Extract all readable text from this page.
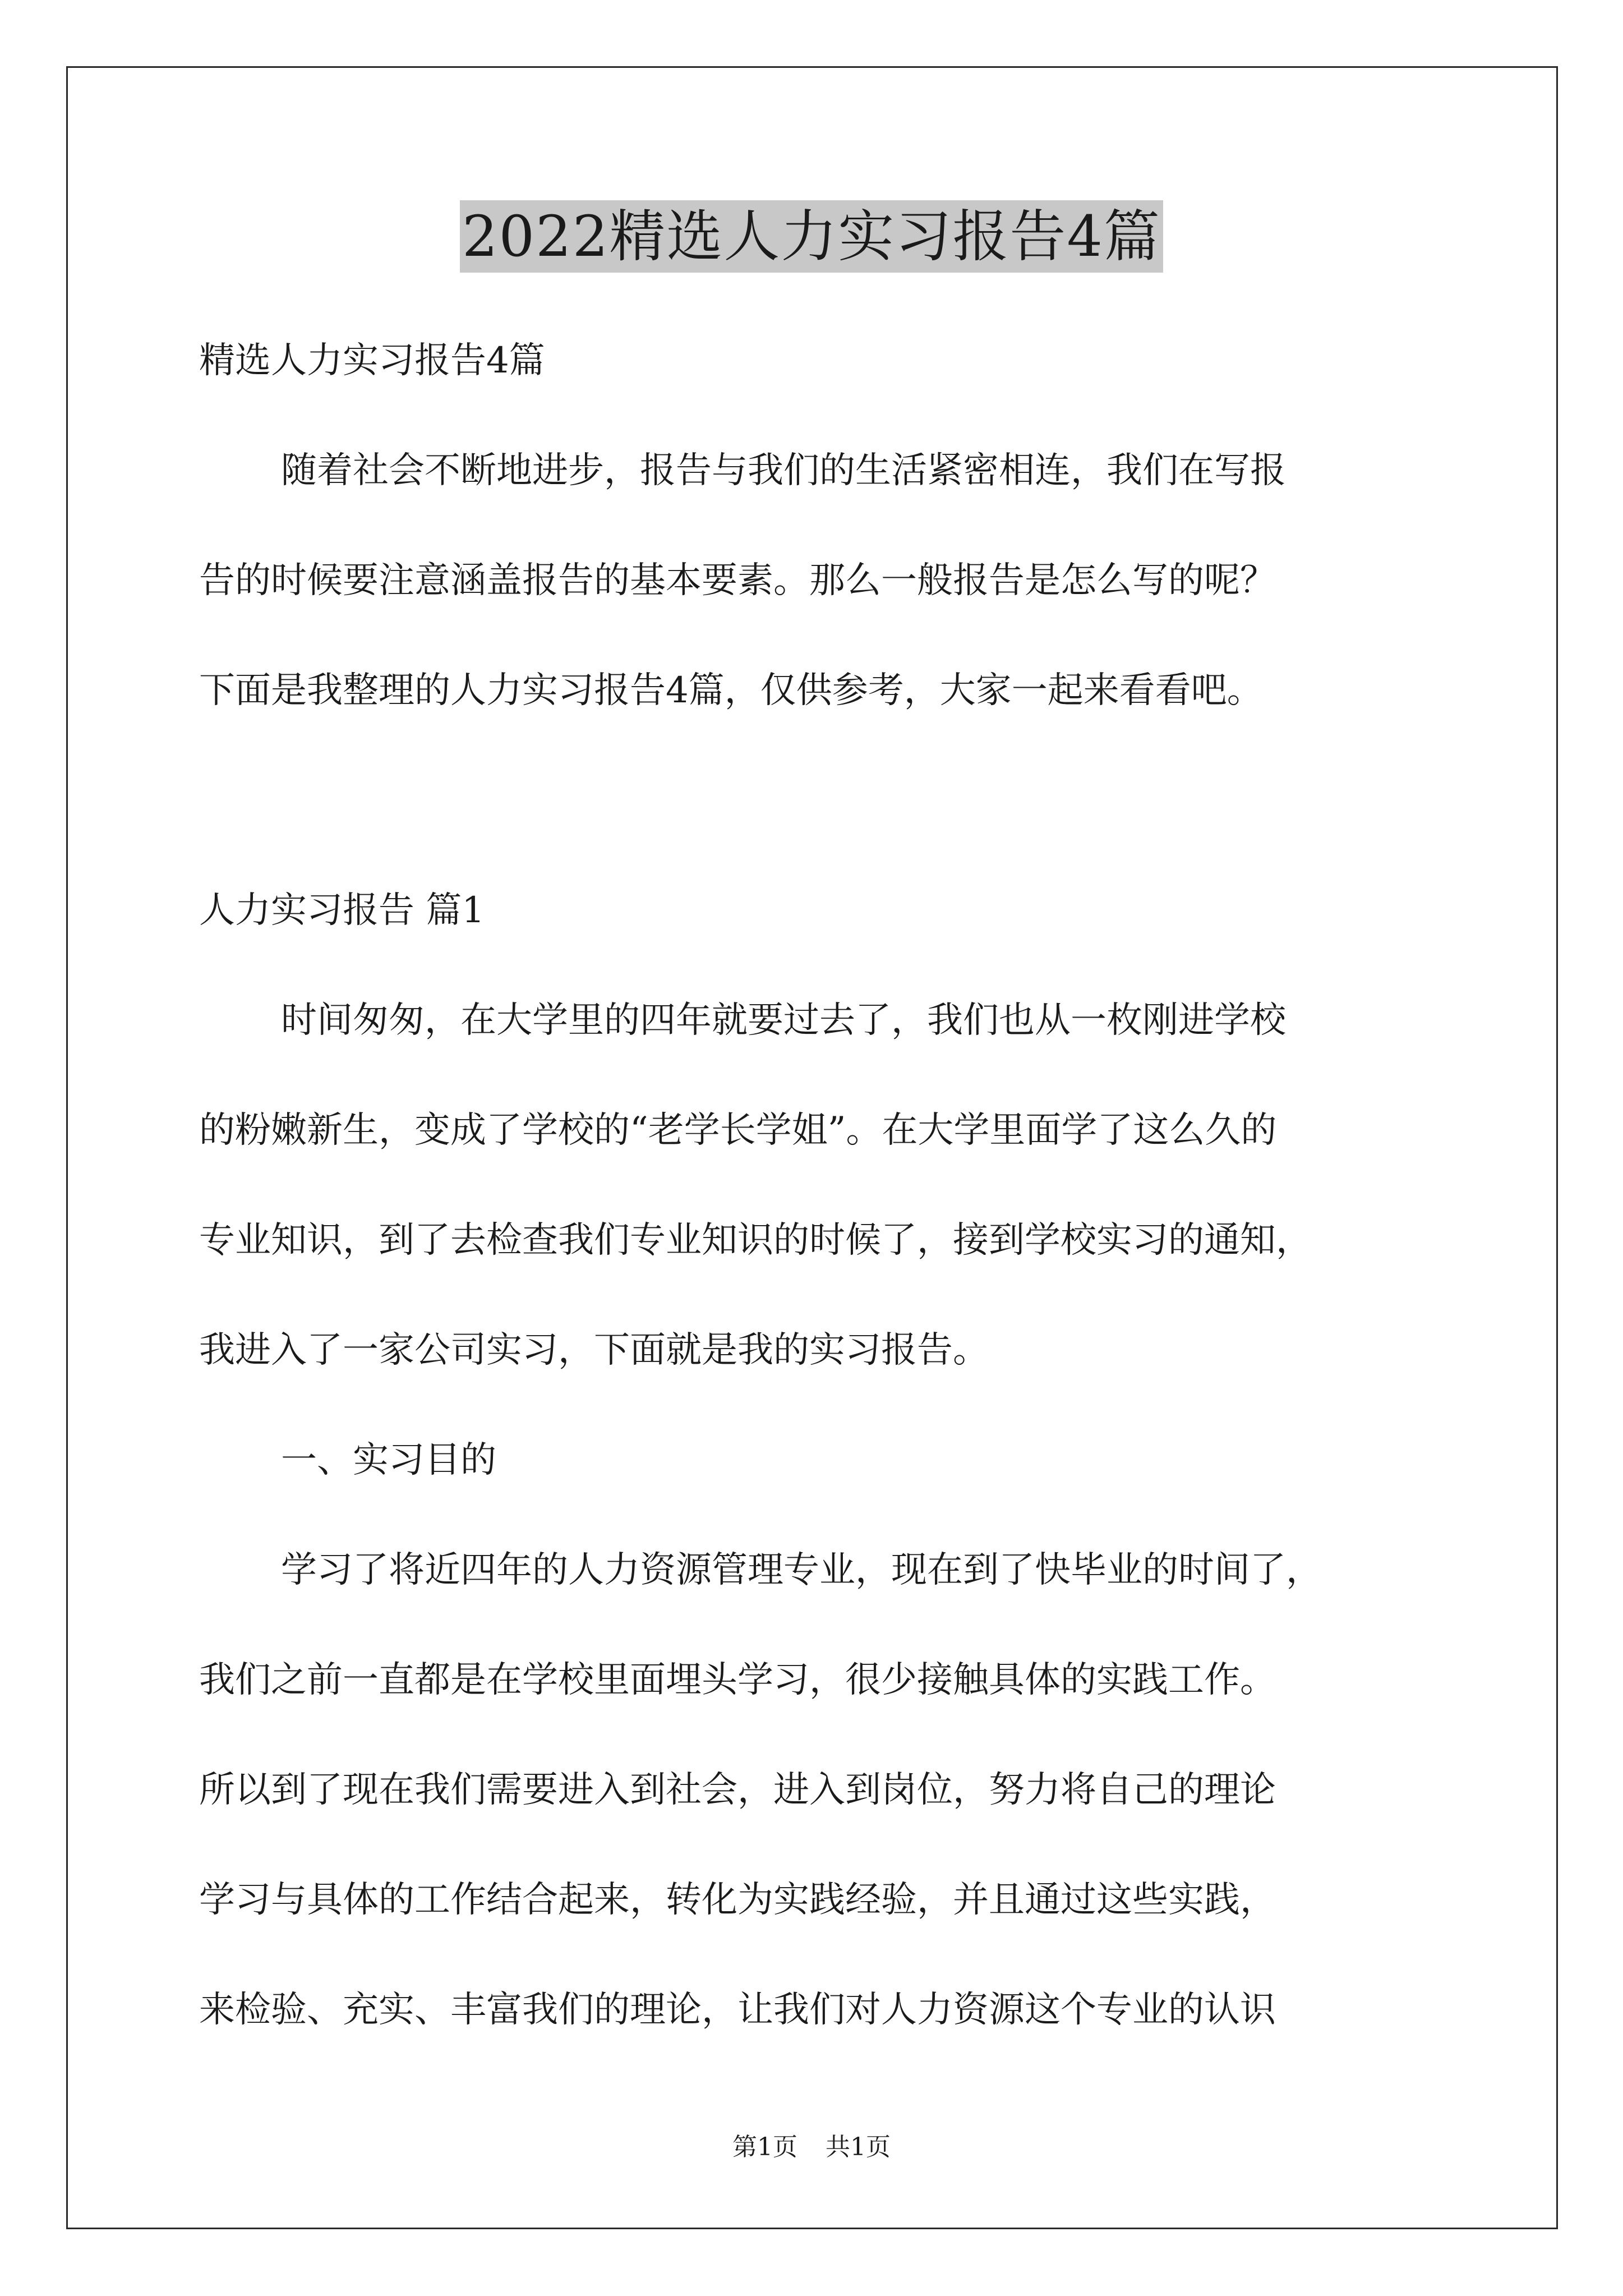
2022精选人力实习报告4篇
精选人力实习报告4篇
随着社会不断地进步，报告与我们的生活紧密相连，我们在写报
告的时候要注意涵盖报告的基本要素。那么一般报告是怎么写的呢？
下面是我整理的人力实习报告4篇，仅供参考，大家一起来看看吧。
人力实习报告 篇1
时间匆匆，在大学里的四年就要过去了，我们也从一枚刚进学校
的粉嫩新生，变成了学校的“老学长学姐”。在大学里面学了这么久的
专业知识，到了去检查我们专业知识的时候了，接到学校实习的通知，
我进入了一家公司实习，下面就是我的实习报告。
一、实习目的
学习了将近四年的人力资源管理专业，现在到了快毕业的时间了，
我们之前一直都是在学校里面埋头学习，很少接触具体的实践工作。
所以到了现在我们需要进入到社会，进入到岗位，努力将自己的理论
学习与具体的工作结合起来，转化为实践经验，并且通过这些实践，
来检验、充实、丰富我们的理论，让我们对人力资源这个专业的认识
第1页 共1页
